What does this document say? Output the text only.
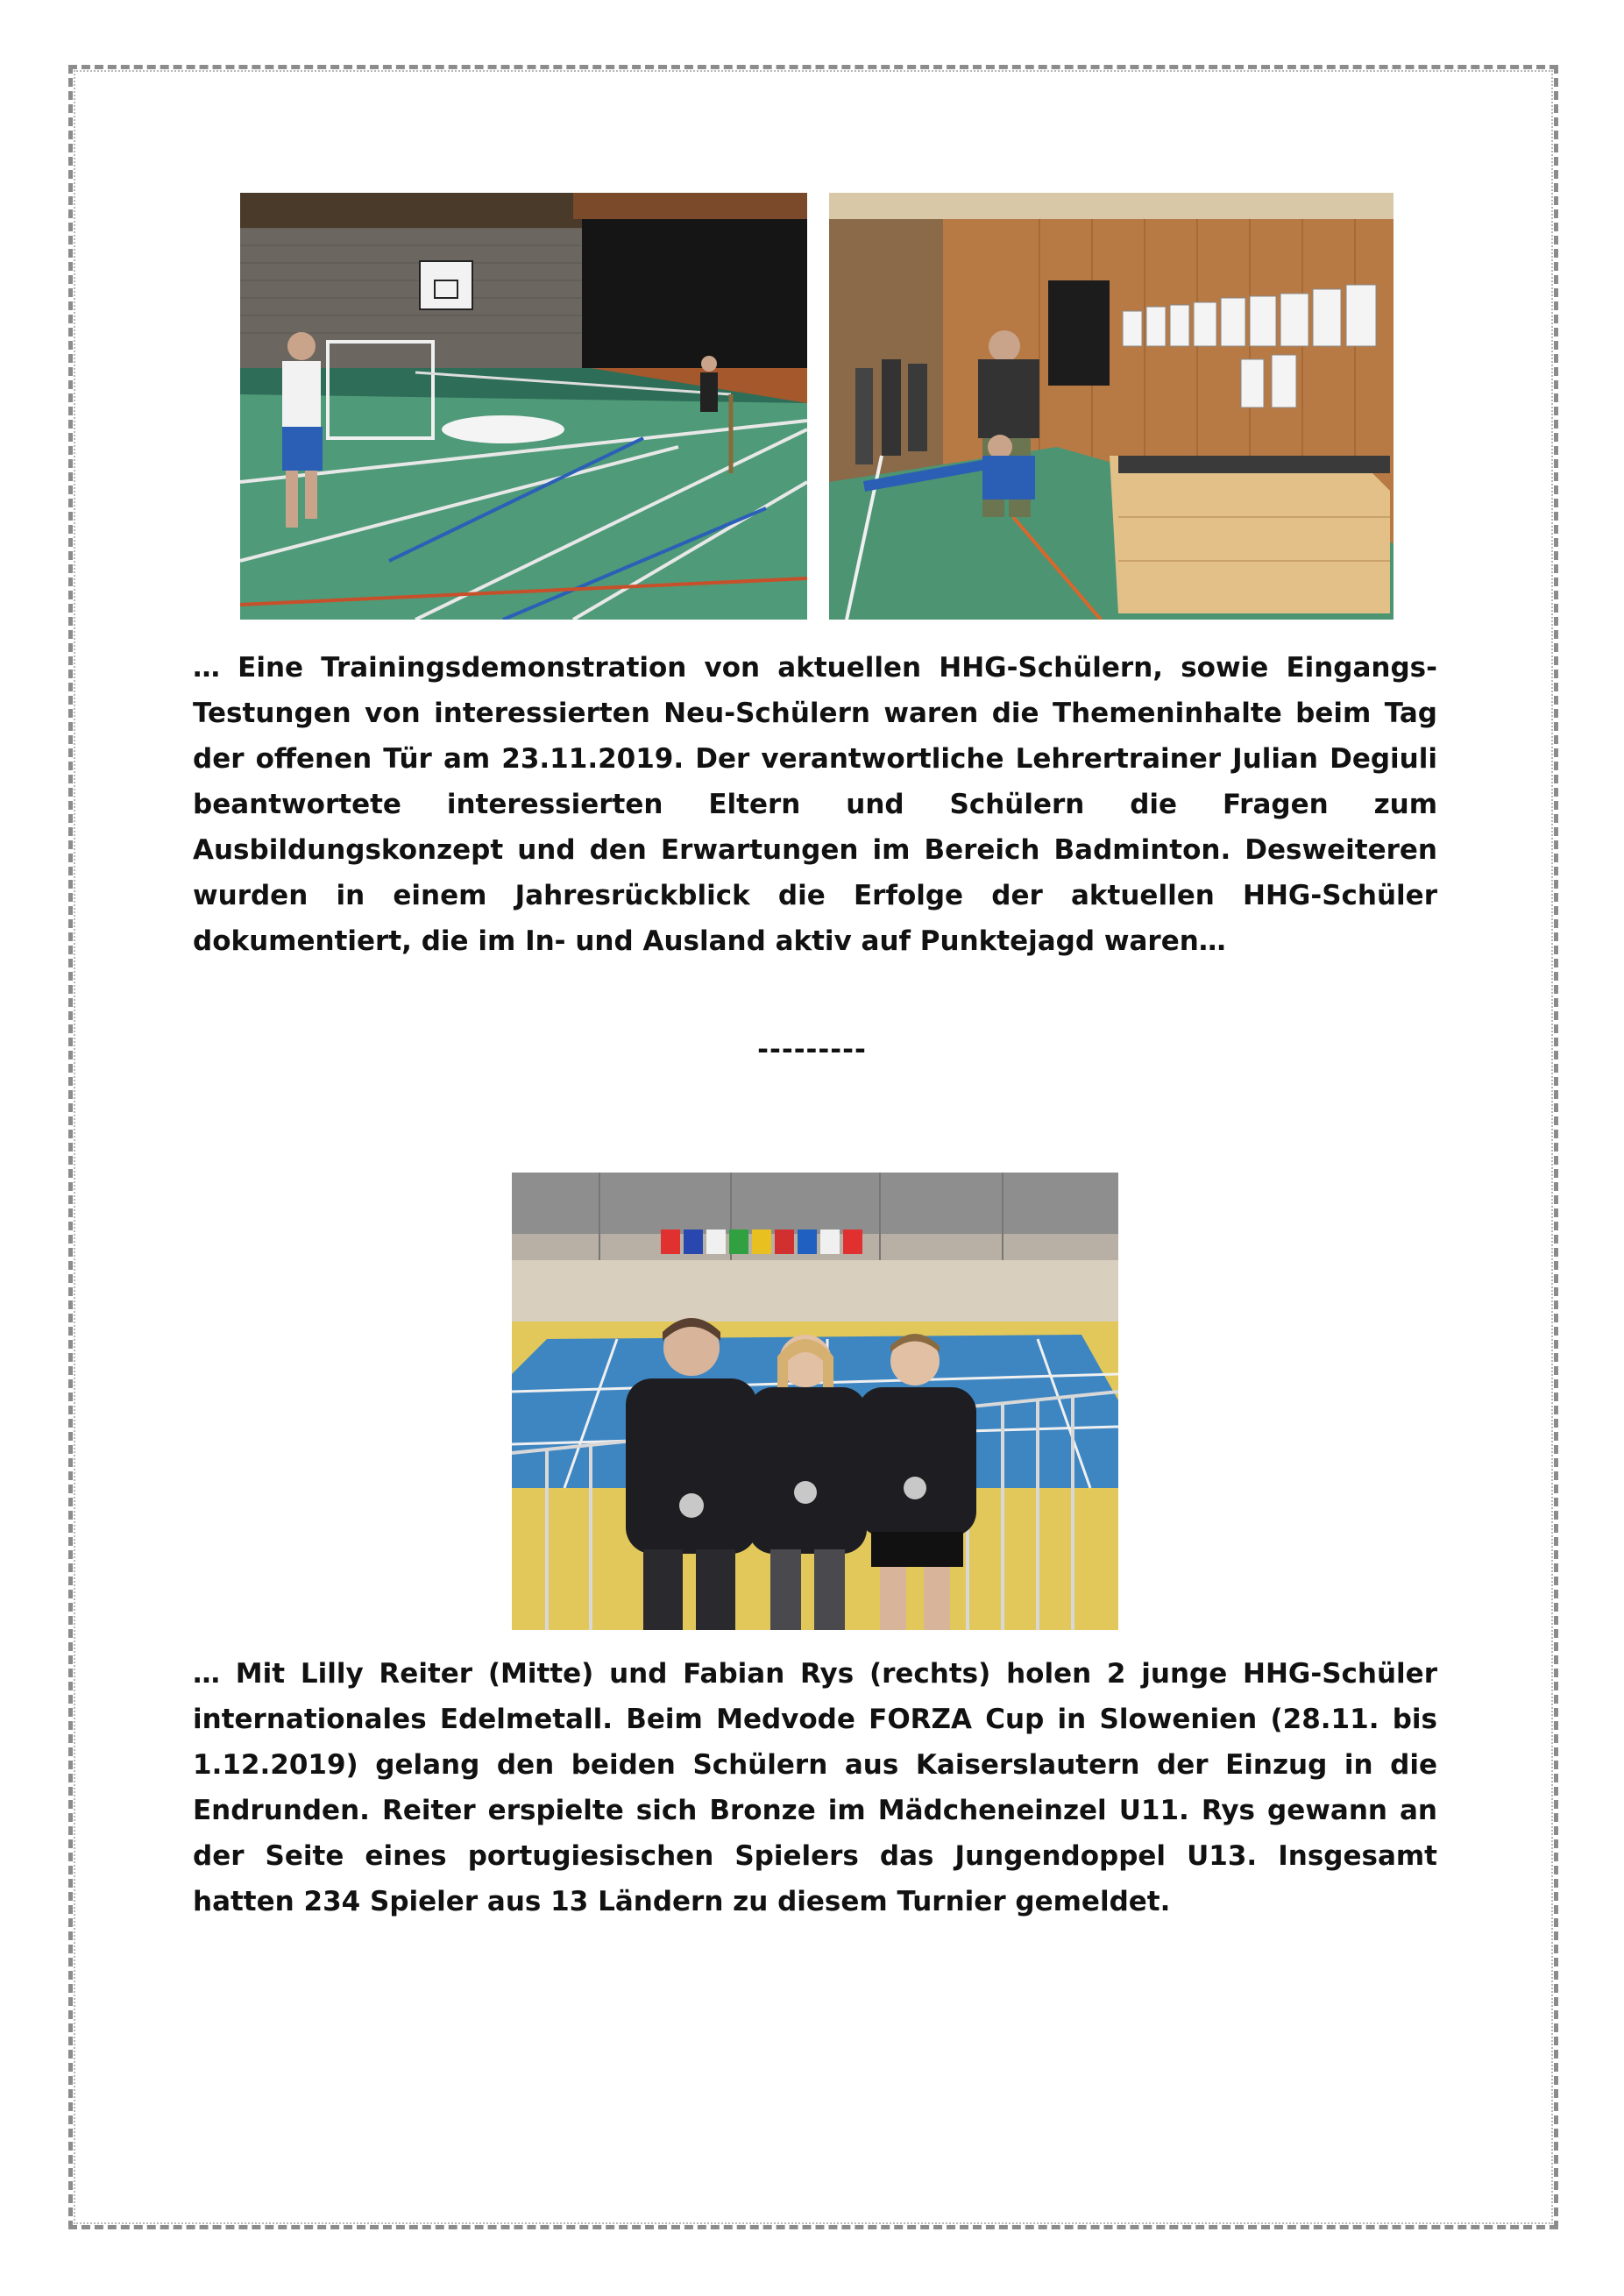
… Eine Trainingsdemonstration von aktuellen HHG-Schülern, sowie Eingangs-Testungen von interessierten Neu-Schülern waren die Themeninhalte beim Tag der offenen Tür am 23.11.2019. Der verantwortliche Lehrertrainer Julian Degiuli beantwortete interessierten Eltern und Schülern die Fragen zum Ausbildungskonzept und den Erwartungen im Bereich Badminton. Desweiteren wurden in einem Jahresrückblick die Erfolge der aktuellen HHG-Schüler dokumentiert, die im In- und Ausland aktiv auf Punktejagd waren…

---------

… Mit Lilly Reiter (Mitte) und Fabian Rys (rechts) holen 2 junge HHG-Schüler internationales Edelmetall. Beim Medvode FORZA Cup in Slowenien (28.11. bis 1.12.2019) gelang den beiden Schülern aus Kaiserslautern der Einzug in die Endrunden. Reiter erspielte sich Bronze im Mädcheneinzel U11. Rys gewann an der Seite eines portugiesischen Spielers das Jungendoppel U13. Insgesamt hatten 234 Spieler aus 13 Ländern zu diesem Turnier gemeldet.
